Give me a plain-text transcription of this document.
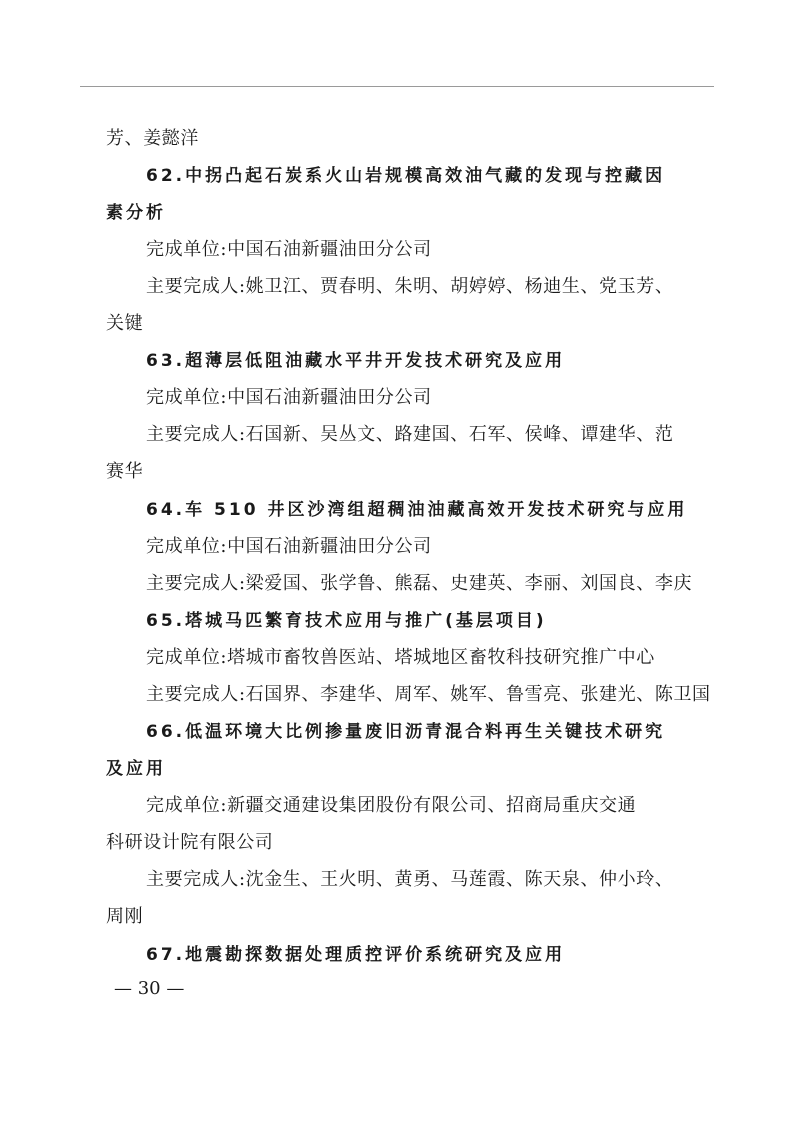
芳、姜懿洋
62.中拐凸起石炭系火山岩规模高效油气藏的发现与控藏因
素分析
完成单位:中国石油新疆油田分公司
主要完成人:姚卫江、贾春明、朱明、胡婷婷、杨迪生、党玉芳、
关键
63.超薄层低阻油藏水平井开发技术研究及应用
完成单位:中国石油新疆油田分公司
主要完成人:石国新、吴丛文、路建国、石军、侯峰、谭建华、范
赛华
64.车 510 井区沙湾组超稠油油藏高效开发技术研究与应用
完成单位:中国石油新疆油田分公司
主要完成人:梁爱国、张学鲁、熊磊、史建英、李丽、刘国良、李庆
65.塔城马匹繁育技术应用与推广(基层项目)
完成单位:塔城市畜牧兽医站、塔城地区畜牧科技研究推广中心
主要完成人:石国界、李建华、周军、姚军、鲁雪亮、张建光、陈卫国
66.低温环境大比例掺量废旧沥青混合料再生关键技术研究
及应用
完成单位:新疆交通建设集团股份有限公司、招商局重庆交通
科研设计院有限公司
主要完成人:沈金生、王火明、黄勇、马莲霞、陈天泉、仲小玲、
周刚
67.地震勘探数据处理质控评价系统研究及应用
— 30 —
